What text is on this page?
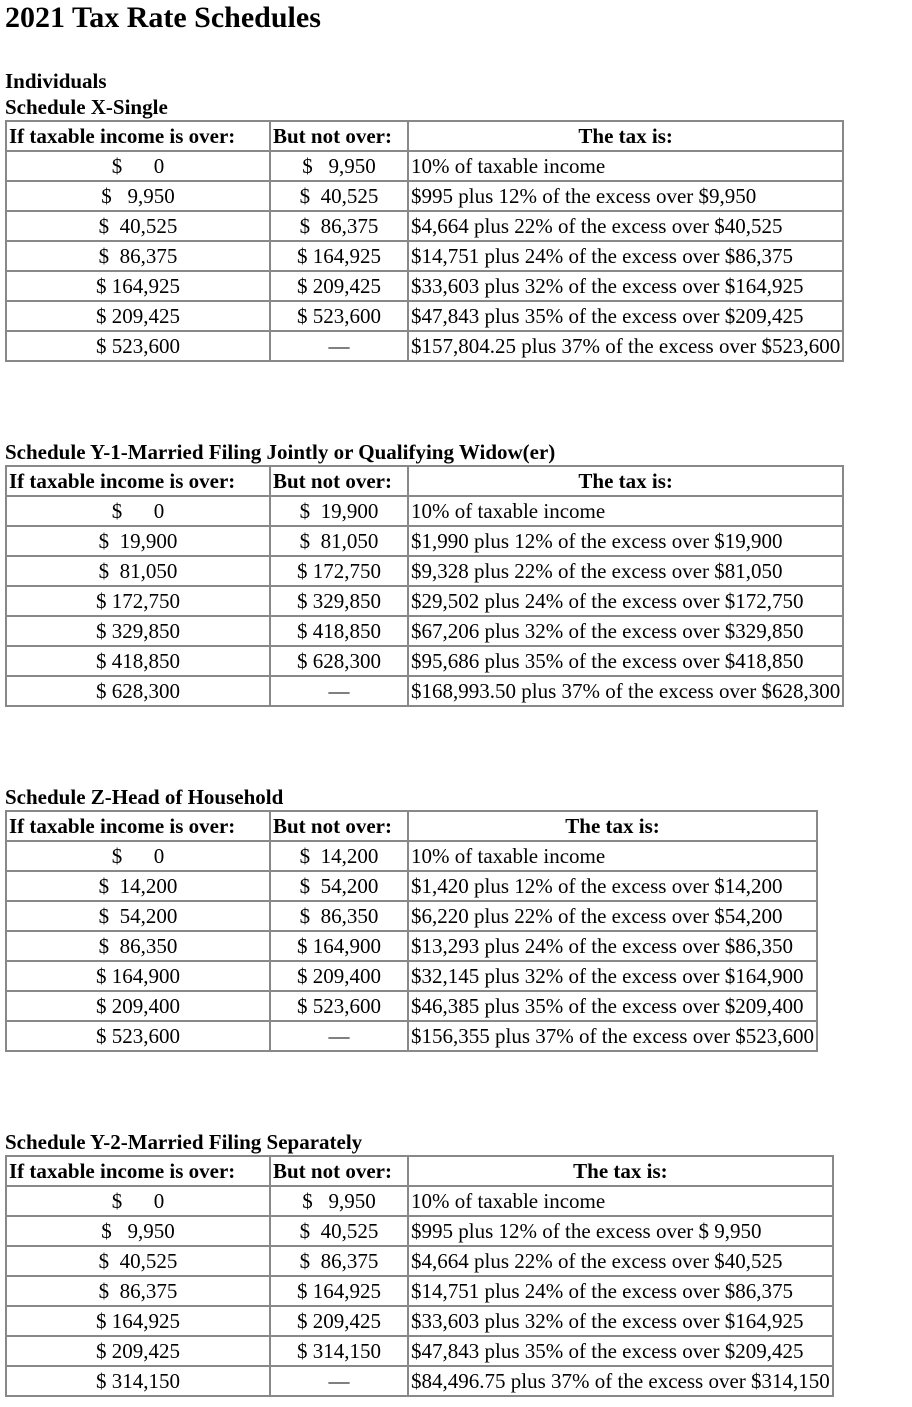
2021 Tax Rate Schedules
Individuals
Schedule X-Single
If taxable income is over:	But not over:	The tax is:
$      0	$   9,950	10% of taxable income
$   9,950	$  40,525	$995 plus 12% of the excess over $9,950
$  40,525	$  86,375	$4,664 plus 22% of the excess over $40,525
$  86,375	$ 164,925	$14,751 plus 24% of the excess over $86,375
$ 164,925	$ 209,425	$33,603 plus 32% of the excess over $164,925
$ 209,425	$ 523,600	$47,843 plus 35% of the excess over $209,425
$ 523,600	—	$157,804.25 plus 37% of the excess over $523,600
Schedule Y-1-Married Filing Jointly or Qualifying Widow(er)
If taxable income is over:	But not over:	The tax is:
$      0	$  19,900	10% of taxable income
$  19,900	$  81,050	$1,990 plus 12% of the excess over $19,900
$  81,050	$ 172,750	$9,328 plus 22% of the excess over $81,050
$ 172,750	$ 329,850	$29,502 plus 24% of the excess over $172,750
$ 329,850	$ 418,850	$67,206 plus 32% of the excess over $329,850
$ 418,850	$ 628,300	$95,686 plus 35% of the excess over $418,850
$ 628,300	—	$168,993.50 plus 37% of the excess over $628,300
Schedule Z-Head of Household
If taxable income is over:	But not over:	The tax is:
$      0	$  14,200	10% of taxable income
$  14,200	$  54,200	$1,420 plus 12% of the excess over $14,200
$  54,200	$  86,350	$6,220 plus 22% of the excess over $54,200
$  86,350	$ 164,900	$13,293 plus 24% of the excess over $86,350
$ 164,900	$ 209,400	$32,145 plus 32% of the excess over $164,900
$ 209,400	$ 523,600	$46,385 plus 35% of the excess over $209,400
$ 523,600	—	$156,355 plus 37% of the excess over $523,600
Schedule Y-2-Married Filing Separately
If taxable income is over:	But not over:	The tax is:
$      0	$   9,950	10% of taxable income
$   9,950	$  40,525	$995 plus 12% of the excess over $ 9,950
$  40,525	$  86,375	$4,664 plus 22% of the excess over $40,525
$  86,375	$ 164,925	$14,751 plus 24% of the excess over $86,375
$ 164,925	$ 209,425	$33,603 plus 32% of the excess over $164,925
$ 209,425	$ 314,150	$47,843 plus 35% of the excess over $209,425
$ 314,150	—	$84,496.75 plus 37% of the excess over $314,150
